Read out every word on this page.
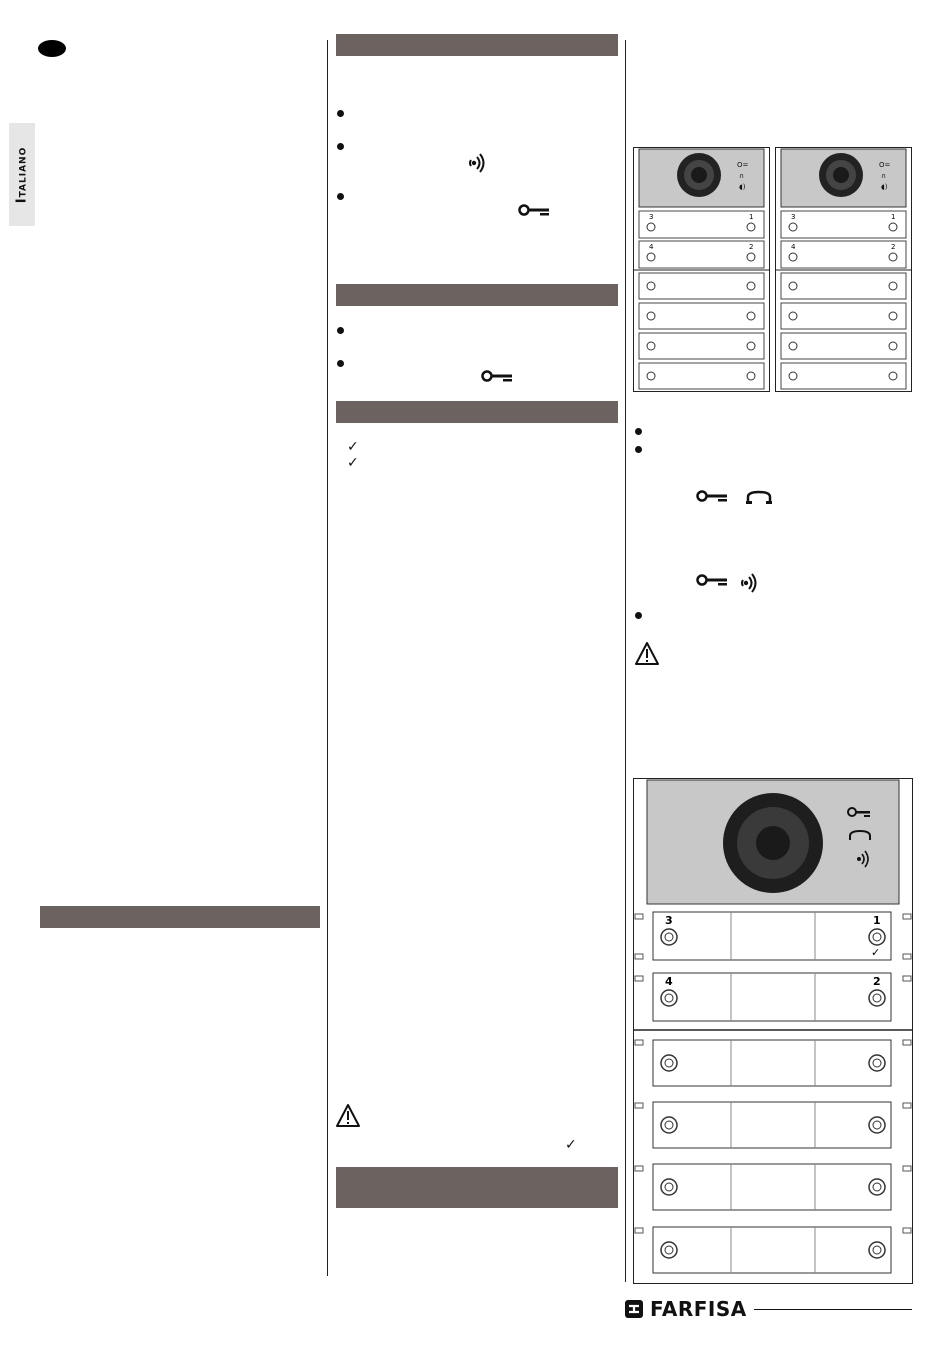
Italiano
✓
✓
✓
O=
∩
◖)
3	1
4	2
O=
∩
◖)
3	1
4	2
3	1
4	2
✓
FARFISA
